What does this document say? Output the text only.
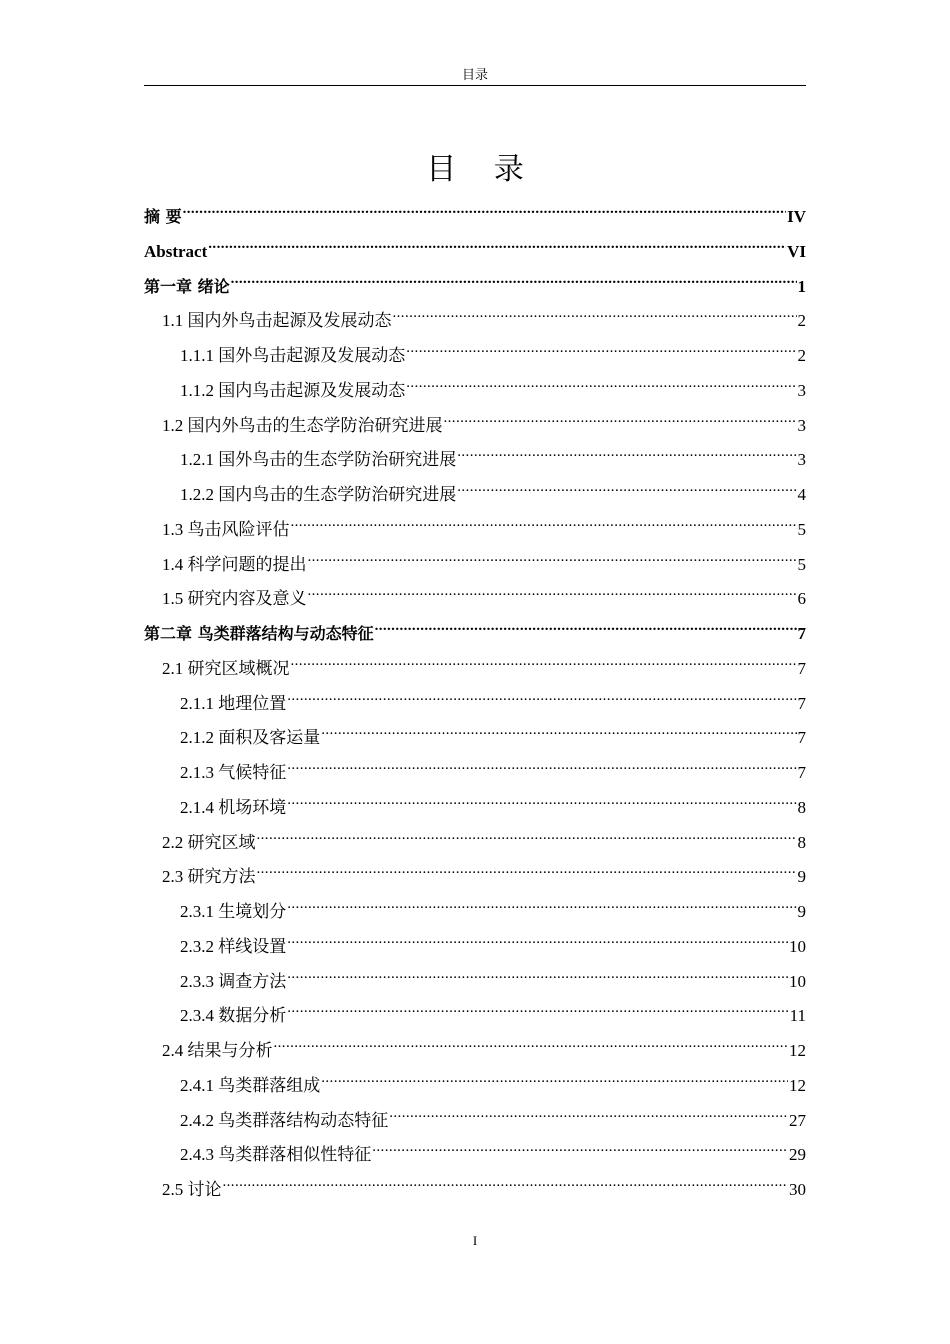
目录
目 录
摘 要 .....	IV
Abstract .....	VI
第一章 绪论 .....	1
1.1 国内外鸟击起源及发展动态 .....	2
1.1.1 国外鸟击起源及发展动态 .....	2
1.1.2 国内鸟击起源及发展动态 .....	3
1.2 国内外鸟击的生态学防治研究进展 .....	3
1.2.1 国外鸟击的生态学防治研究进展 .....	3
1.2.2 国内鸟击的生态学防治研究进展 .....	4
1.3 鸟击风险评估 .....	5
1.4 科学问题的提出 .....	5
1.5 研究内容及意义 .....	6
第二章 鸟类群落结构与动态特征 .....	7
2.1 研究区域概况 .....	7
2.1.1 地理位置 .....	7
2.1.2 面积及客运量 .....	7
2.1.3 气候特征 .....	7
2.1.4 机场环境 .....	8
2.2 研究区域 .....	8
2.3 研究方法 .....	9
2.3.1 生境划分 .....	9
2.3.2 样线设置 .....	10
2.3.3 调查方法 .....	10
2.3.4 数据分析 .....	11
2.4 结果与分析 .....	12
2.4.1 鸟类群落组成 .....	12
2.4.2 鸟类群落结构动态特征 .....	27
2.4.3 鸟类群落相似性特征 .....	29
2.5 讨论 .....	30
I
